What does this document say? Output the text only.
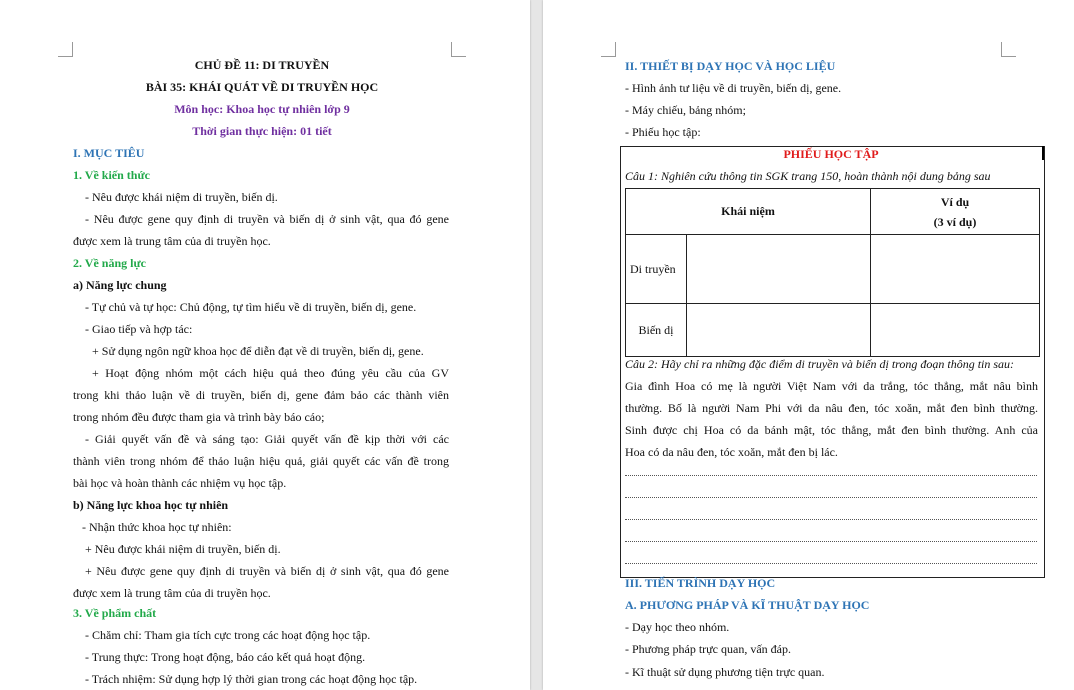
CHỦ ĐỀ 11: DI TRUYỀN
BÀI 35: KHÁI QUÁT VỀ DI TRUYỀN HỌC
Môn học: Khoa học tự nhiên lớp 9
Thời gian thực hiện: 01 tiết
I. MỤC TIÊU
1. Về kiến thức
- Nêu được khái niệm di truyền, biến dị.
- Nêu được gene quy định di truyền và biến dị ở sinh vật, qua đó gene
được xem là trung tâm của di truyền học.
2. Về năng lực
a) Năng lực chung
- Tự chủ và tự học: Chủ động, tự tìm hiểu về di truyền, biến dị, gene.
- Giao tiếp và hợp tác:
+ Sử dụng ngôn ngữ khoa học để diễn đạt về di truyền, biến dị, gene.
+ Hoạt động nhóm một cách hiệu quả theo đúng yêu cầu của GV
trong khi thảo luận về di truyền, biến dị, gene đảm bảo các thành viên
trong nhóm đều được tham gia và trình bày báo cáo;
- Giải quyết vấn đề và sáng tạo: Giải quyết vấn đề kịp thời với các
thành viên trong nhóm để thảo luận hiệu quả, giải quyết các vấn đề trong
bài học và hoàn thành các nhiệm vụ học tập.
b) Năng lực khoa học tự nhiên
- Nhận thức khoa học tự nhiên:
+ Nêu được khái niệm di truyền, biến dị.
+ Nêu được gene quy định di truyền và biến dị ở sinh vật, qua đó gene
được xem là trung tâm của di truyền học.
3. Về phẩm chất
- Chăm chỉ: Tham gia tích cực trong các hoạt động học tập.
- Trung thực: Trong hoạt động, báo cáo kết quả hoạt động.
- Trách nhiệm: Sử dụng hợp lý thời gian trong các hoạt động học tập.
II. THIẾT BỊ DẠY HỌC VÀ HỌC LIỆU
- Hình ảnh tư liệu về di truyền, biến dị, gene.
- Máy chiếu, bảng nhóm;
- Phiếu học tập:
PHIẾU HỌC TẬP
Câu 1: Nghiên cứu thông tin SGK trang 150, hoàn thành nội dung bảng sau
Khái niệm		Ví dụ
(3 ví dụ)

Di truyền		
Biến dị		
Câu 2: Hãy chỉ ra những đặc điểm di truyền và biến dị trong đoạn thông tin sau:
Gia đình Hoa có mẹ là người Việt Nam với da trắng, tóc thẳng, mắt nâu bình
thường. Bố là người Nam Phi với da nâu đen, tóc xoăn, mắt đen bình thường.
Sinh được chị Hoa có da bánh mật, tóc thẳng, mắt đen bình thường. Anh của
Hoa có da nâu đen, tóc xoăn, mắt đen bị lác.
III. TIẾN TRÌNH DẠY HỌC
A. PHƯƠNG PHÁP VÀ KĨ THUẬT DẠY HỌC
- Dạy học theo nhóm.
- Phương pháp trực quan, vấn đáp.
- Kĩ thuật sử dụng phương tiện trực quan.
